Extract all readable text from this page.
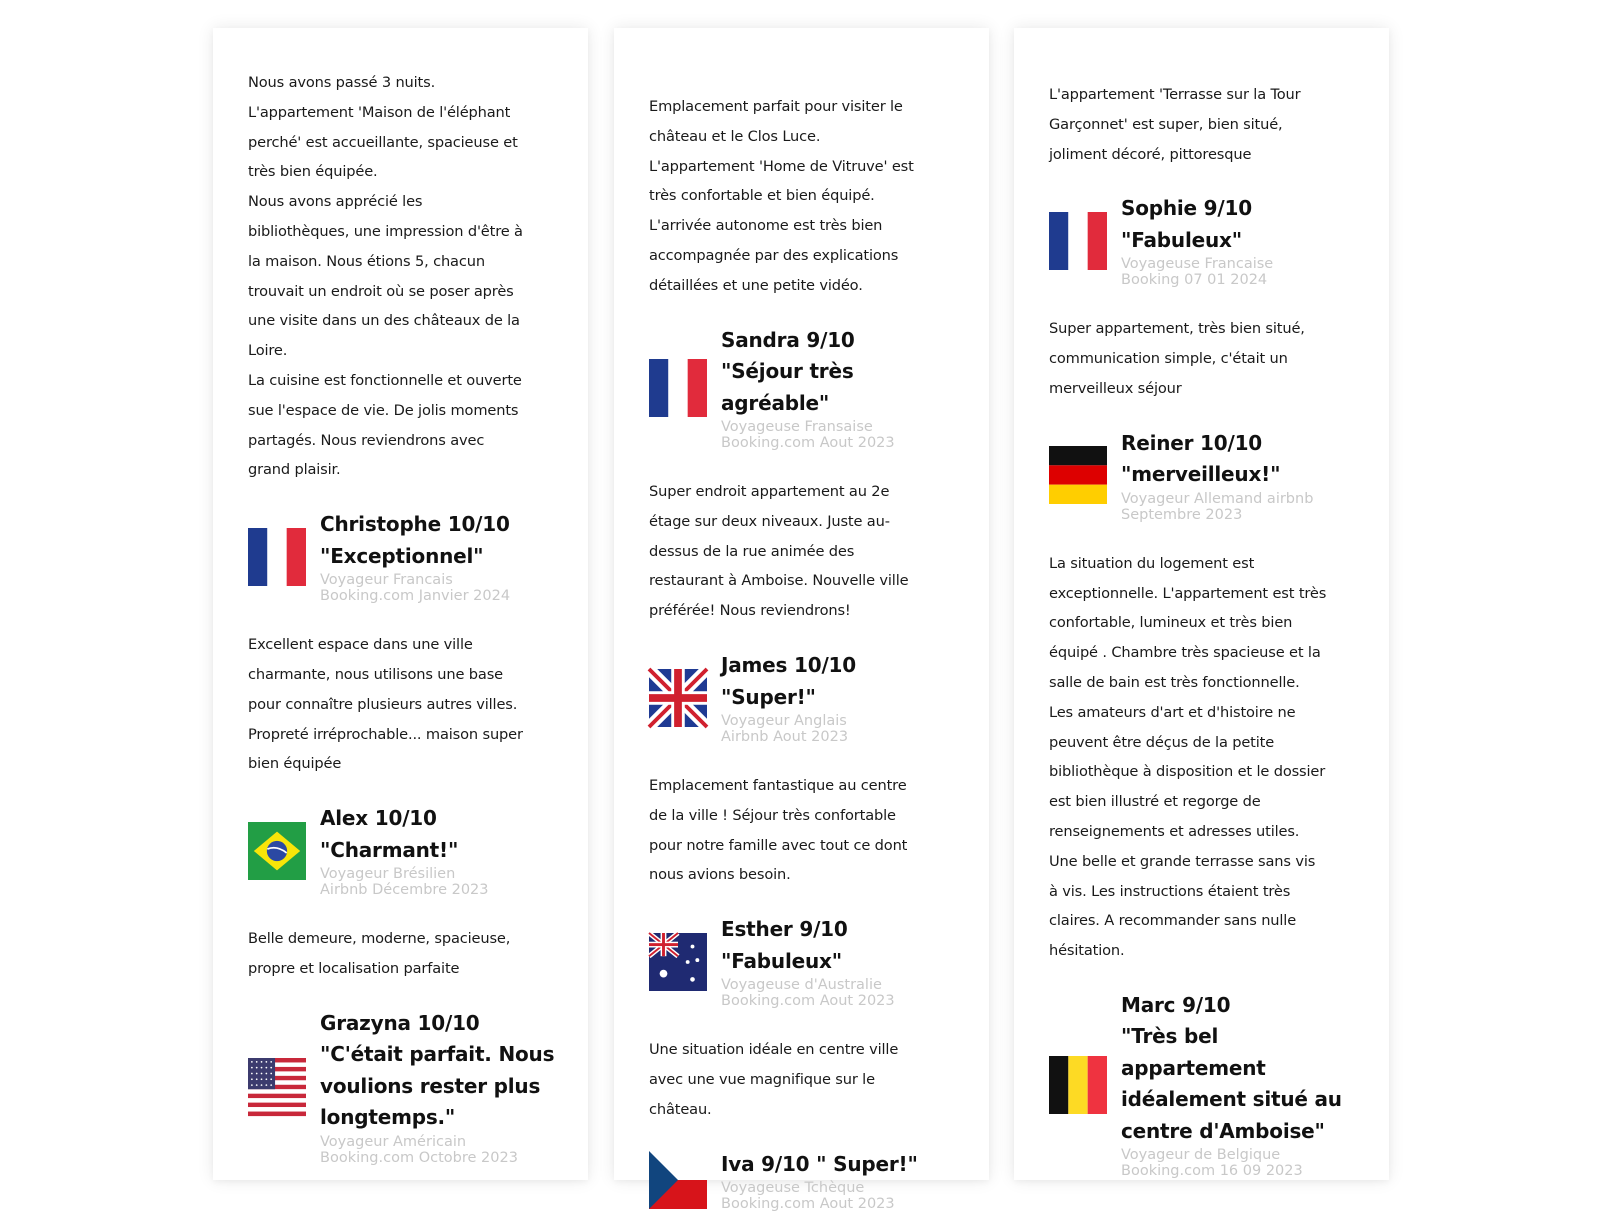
Nous avons passé 3 nuits.
L'appartement 'Maison de l'éléphant
perché' est accueillante, spacieuse et
très bien équipée.
Nous avons apprécié les
bibliothèques, une impression d'être à
la maison. Nous étions 5, chacun
trouvait un endroit où se poser après
une visite dans un des châteaux de la
Loire.
La cuisine est fonctionnelle et ouverte
sue l'espace de vie. De jolis moments
partagés. Nous reviendrons avec
grand plaisir.

Christophe 10/10
"Exceptionnel"
Voyageur Francais
Booking.com Janvier 2024

Excellent espace dans une ville
charmante, nous utilisons une base
pour connaître plusieurs autres villes.
Propreté irréprochable... maison super
bien équipée

Alex 10/10
"Charmant!"
Voyageur Brésilien
Airbnb Décembre 2023

Belle demeure, moderne, spacieuse,
propre et localisation parfaite

Grazyna 10/10
"C'était parfait. Nous
voulions rester plus
longtemps."
Voyageur Américain
Booking.com Octobre 2023

Emplacement parfait pour visiter le
château et le Clos Luce.
L'appartement 'Home de Vitruve' est
très confortable et bien équipé.
L'arrivée autonome est très bien
accompagnée par des explications
détaillées et une petite vidéo.

Sandra 9/10
"Séjour très agréable"
Voyageuse Fransaise
Booking.com Aout 2023

Super endroit appartement au 2e
étage sur deux niveaux. Juste au-
dessus de la rue animée des
restaurant à Amboise. Nouvelle ville
préférée! Nous reviendrons!

James 10/10 "Super!"
Voyageur Anglais
Airbnb Aout 2023

Emplacement fantastique au centre
de la ville ! Séjour très confortable
pour notre famille avec tout ce dont
nous avions besoin.

Esther 9/10
"Fabuleux"
Voyageuse d'Australie
Booking.com Aout 2023

Une situation idéale en centre ville
avec une vue magnifique sur le
château.

Iva 9/10 " Super!"
Voyageuse Tchèque
Booking.com Aout 2023

L'appartement 'Terrasse sur la Tour
Garçonnet' est super, bien situé,
joliment décoré, pittoresque

Sophie 9/10
"Fabuleux"
Voyageuse Francaise
Booking 07 01 2024

Super appartement, très bien situé,
communication simple, c'était un
merveilleux séjour

Reiner 10/10
"merveilleux!"
Voyageur Allemand airbnb
Septembre 2023

La situation du logement est
exceptionnelle. L'appartement est très
confortable, lumineux et très bien
équipé . Chambre très spacieuse et la
salle de bain est très fonctionnelle.
Les amateurs d'art et d'histoire ne
peuvent être déçus de la petite
bibliothèque à disposition et le dossier
est bien illustré et regorge de
renseignements et adresses utiles.
Une belle et grande terrasse sans vis
à vis. Les instructions étaient très
claires. A recommander sans nulle
hésitation.

Marc 9/10
"Très bel appartement
idéalement situé au
centre d'Amboise"
Voyageur de Belgique
Booking.com 16 09 2023
